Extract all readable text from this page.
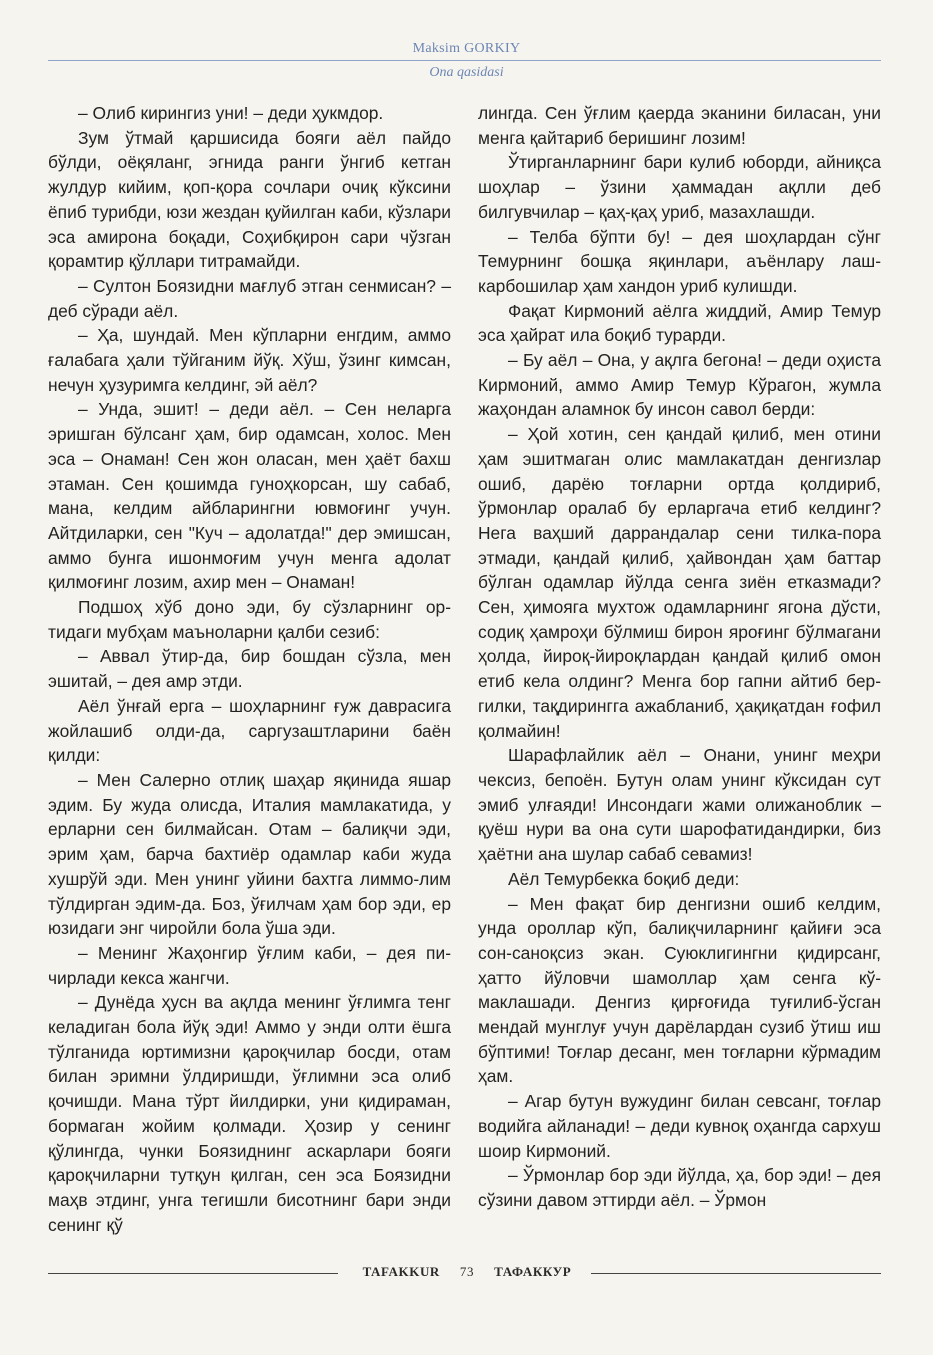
Maksim GORKIY
Ona qasidasi

– Олиб кирингиз уни! – деди ҳукмдор.

Зум ўтмай қаршисида бояги аёл пайдо бўлди, оёқяланг, эгнида ранги ўнгиб кетган жулдур кийим, қоп-қора сочлари очиқ кўксини ёпиб турибди, юзи жездан қуйилган каби, кўзлари эса амирона боқади, Соҳибқирон сари чўзган қорамтир қўллари титрамайди.

– Султон Боязидни мағлуб этган сенмисан? – деб сўради аёл.

– Ҳа, шундай. Мен кўпларни енгдим, аммо ғалабага ҳали тўйганим йўқ. Хўш, ўзинг кимсан, нечун ҳузуримга келдинг, эй аёл?

– Унда, эшит! – деди аёл. – Сен неларга эришган бўлсанг ҳам, бир одамсан, холос. Мен эса – Онаман! Сен жон оласан, мен ҳаёт бахш этаман. Сен қошимда гуноҳкорсан, шу сабаб, мана, келдим айбларингни ювмоғинг учун. Айтдиларки, сен "Куч – адолатда!" дер эмишсан, аммо бунга ишонмоғим учун менга адолат қилмоғинг лозим, ахир мен – Онаман!

Подшоҳ хўб доно эди, бу сўзларнинг ортидаги мубҳам маъноларни қалби сезиб:

– Аввал ўтир-да, бир бошдан сўзла, мен эшитай, – дея амр этди.

Аёл ўнғай ерга – шоҳларнинг ғуж даврасига жойлашиб олди-да, саргузаштларини баён қилди:

– Мен Салерно отлиқ шаҳар яқинида яшар эдим. Бу жуда олисда, Италия мамлакатида, у ерларни сен билмайсан. Отам – балиқчи эди, эрим ҳам, барча бахтиёр одамлар каби жуда хушрўй эди. Мен унинг уйини бахтга лиммо-лим тўлдирган эдим-да. Боз, ўғилчам ҳам бор эди, ер юзидаги энг чиройли бола ўша эди.

– Менинг Жаҳонгир ўғлим каби, – дея пичирлади кекса жангчи.

– Дунёда ҳусн ва ақлда менинг ўғлимга тенг келадиган бола йўқ эди! Аммо у энди олти ёшга тўлганида юртимизни қароқчилар босди, отам билан эримни ўлдиришди, ўғлимни эса олиб қочишди. Мана тўрт йилдирки, уни қидираман, бормаган жойим қолмади. Ҳозир у сенинг қўлингда, чунки Боязиднинг аскарлари бояги қароқчиларни тутқун қилган, сен эса Боязидни маҳв этдинг, унга тегишли бисотнинг бари энди сенинг қў

лингда. Сен ўғлим қаерда эканини биласан, уни менга қайтариб беришинг лозим!

Ўтирганларнинг бари кулиб юборди, айниқса шоҳлар – ўзини ҳаммадан ақлли деб билгувчилар – қаҳ-қаҳ уриб, мазахлашди.

– Телба бўпти бу! – дея шоҳлардан сўнг Темурнинг бошқа яқинлари, аъёнлару лашкарбошилар ҳам хандон уриб кулишди.

Фақат Кирмоний аёлга жиддий, Амир Темур эса ҳайрат ила боқиб турарди.

– Бу аёл – Она, у ақлга бегона! – деди оҳиста Кирмоний, аммо Амир Темур Кўрагон, жумла жаҳондан аламнок бу инсон савол берди:

– Ҳой хотин, сен қандай қилиб, мен отини ҳам эшитмаган олис мамлакатдан денгизлар ошиб, дарёю тоғларни ортда қолдириб, ўрмонлар оралаб бу ерларгача етиб келдинг? Нега ваҳший даррандалар сени тилка-пора этмади, қандай қилиб, ҳайвондан ҳам баттар бўлган одамлар йўлда сенга зиён етказмади? Сен, ҳимояга мухтож одамларнинг ягона дўсти, содиқ ҳамроҳи бўлмиш бирон яроғинг бўлмагани ҳолда, йироқ-йироқлардан қандай қилиб омон етиб кела олдинг? Менга бор гапни айтиб бергилки, тақдирингга ажабланиб, ҳақиқатдан ғофил қолмайин!

Шарафлайлик аёл – Онани, унинг меҳри чексиз, бепоён. Бутун олам унинг кўксидан сут эмиб улғаяди! Инсондаги жами олижаноблик – қуёш нури ва она сути шарофатидандирки, биз ҳаётни ана шулар сабаб севамиз!

Аёл Темурбекка боқиб деди:

– Мен фақат бир денгизни ошиб келдим, унда ороллар кўп, балиқчиларнинг қайиғи эса сон-саноқсиз экан. Суюклигингни қидирсанг, ҳатто йўловчи шамоллар ҳам сенга кўмаклашади. Денгиз қирғоғида туғилиб-ўсган мендай мунглуғ учун дарёлардан сузиб ўтиш иш бўптими! Тоғлар десанг, мен тоғларни кўрмадим ҳам.

– Агар бутун вужудинг билан севсанг, тоғлар водийга айланади! – деди кувноқ оҳангда сархуш шоир Кирмоний.

– Ўрмонлар бор эди йўлда, ҳа, бор эди! – дея сўзини давом эттирди аёл. – Ўрмон

TAFAKKUR 73 ТАФАККУР
